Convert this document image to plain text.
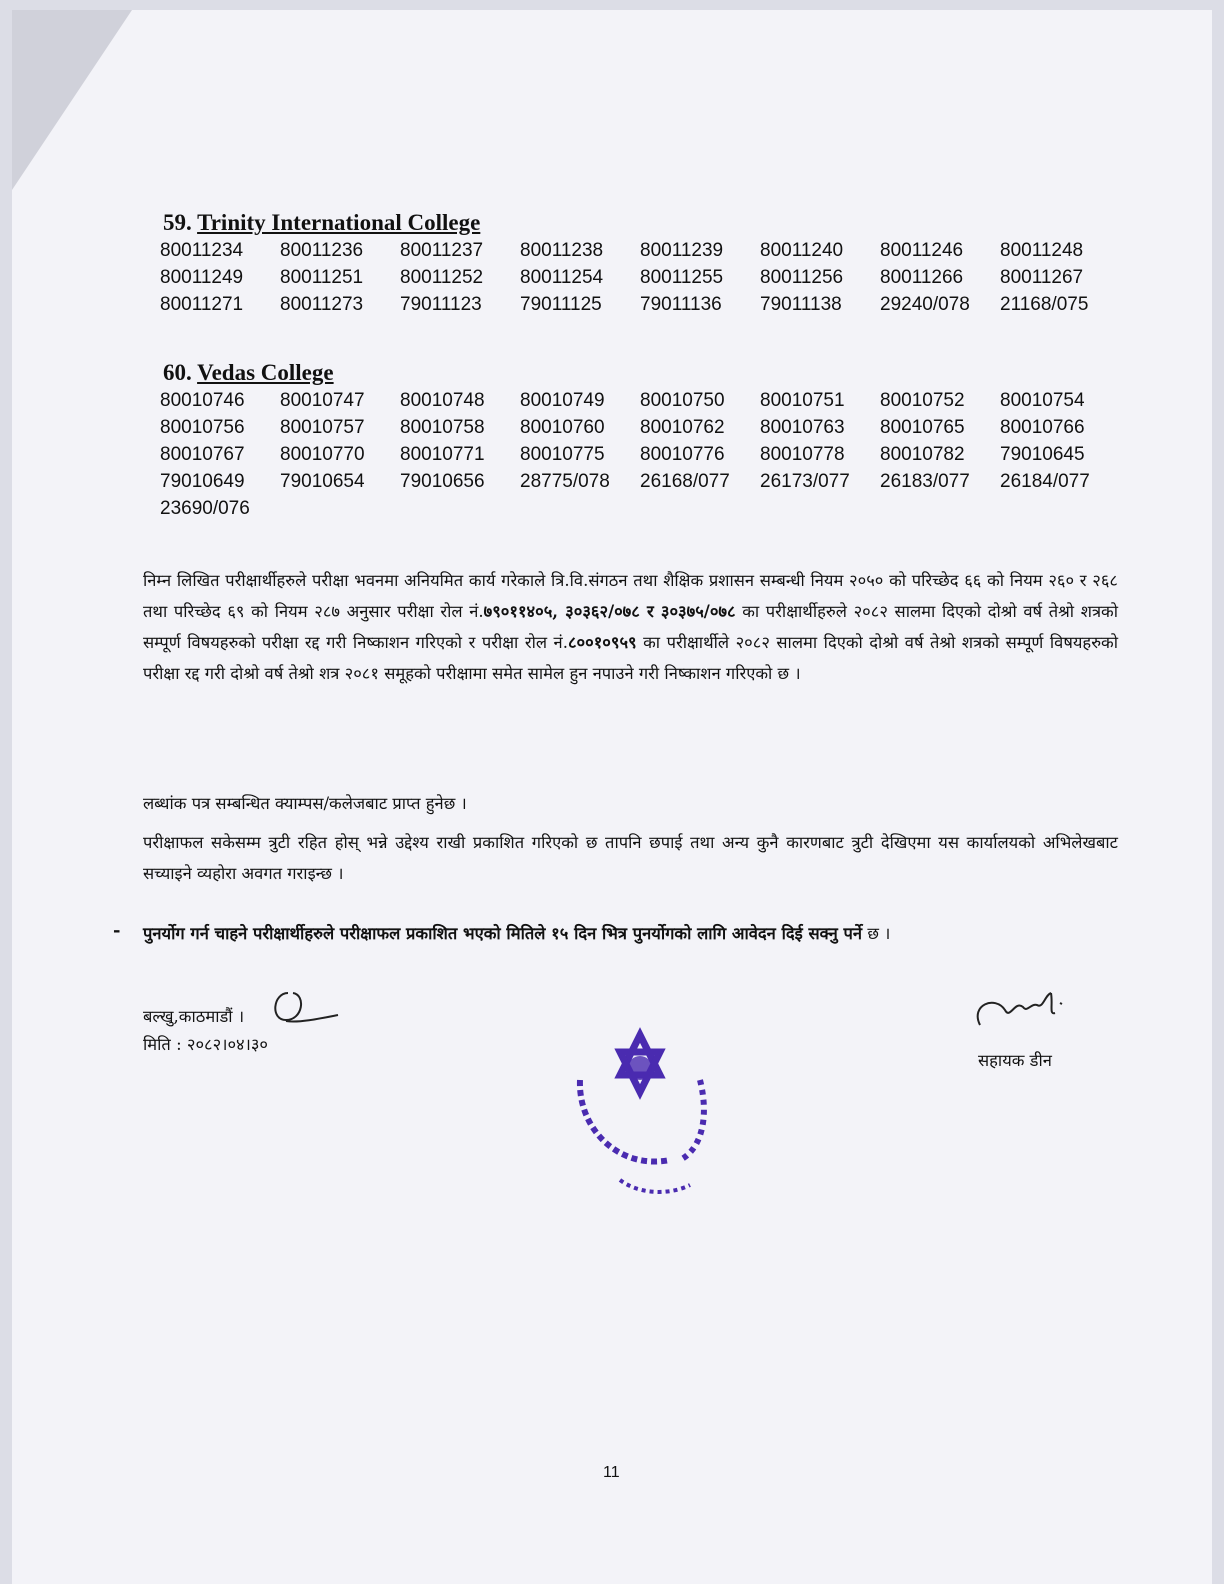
59. Trinity International College
80011234	80011236	80011237	80011238	80011239	80011240	80011246	80011248
80011249	80011251	80011252	80011254	80011255	80011256	80011266	80011267
80011271	80011273	79011123	79011125	79011136	79011138	29240/078	21168/075
60. Vedas College
80010746	80010747	80010748	80010749	80010750	80010751	80010752	80010754
80010756	80010757	80010758	80010760	80010762	80010763	80010765	80010766
80010767	80010770	80010771	80010775	80010776	80010778	80010782	79010645
79010649	79010654	79010656	28775/078	26168/077	26173/077	26183/077	26184/077
23690/076

निम्न लिखित परीक्षार्थीहरुले परीक्षा भवनमा अनियमित कार्य गरेकाले त्रि.वि.संगठन तथा शैक्षिक प्रशासन सम्बन्धी नियम २०५० को परिच्छेद ६६ को नियम २६० र २६८ तथा परिच्छेद ६९ को नियम २८७ अनुसार परीक्षा रोल नं.७९०११४०५, ३०३६२/०७८ र ३०३७५/०७८ का परीक्षार्थीहरुले २०८२ सालमा दिएको दोश्रो वर्ष तेश्रो शत्रको सम्पूर्ण विषयहरुको परीक्षा रद्द गरी निष्काशन गरिएको र परीक्षा रोल नं.८००१०९५९ का परीक्षार्थीले २०८२ सालमा दिएको दोश्रो वर्ष तेश्रो शत्रको सम्पूर्ण विषयहरुको परीक्षा रद्द गरी दोश्रो वर्ष तेश्रो शत्र २०८१ समूहको परीक्षामा समेत सामेल हुन नपाउने गरी निष्काशन गरिएको छ ।

लब्धांक पत्र सम्बन्धित क्याम्पस/कलेजबाट प्राप्त हुनेछ ।

परीक्षाफल सकेसम्म त्रुटी रहित होस् भन्ने उद्देश्य राखी प्रकाशित गरिएको छ तापनि छपाई तथा अन्य कुनै कारणबाट त्रुटी देखिएमा यस कार्यालयको अभिलेखबाट सच्याइने व्यहोरा अवगत गराइन्छ ।

- पुनर्योग गर्न चाहने परीक्षार्थीहरुले परीक्षाफल प्रकाशित भएको मितिले १५ दिन भित्र पुनर्योगको लागि आवेदन दिई सक्नु पर्ने छ ।

बल्खु,काठमाडौं ।
मिति : २०८२।०४।३०
सहायक डीन
11
